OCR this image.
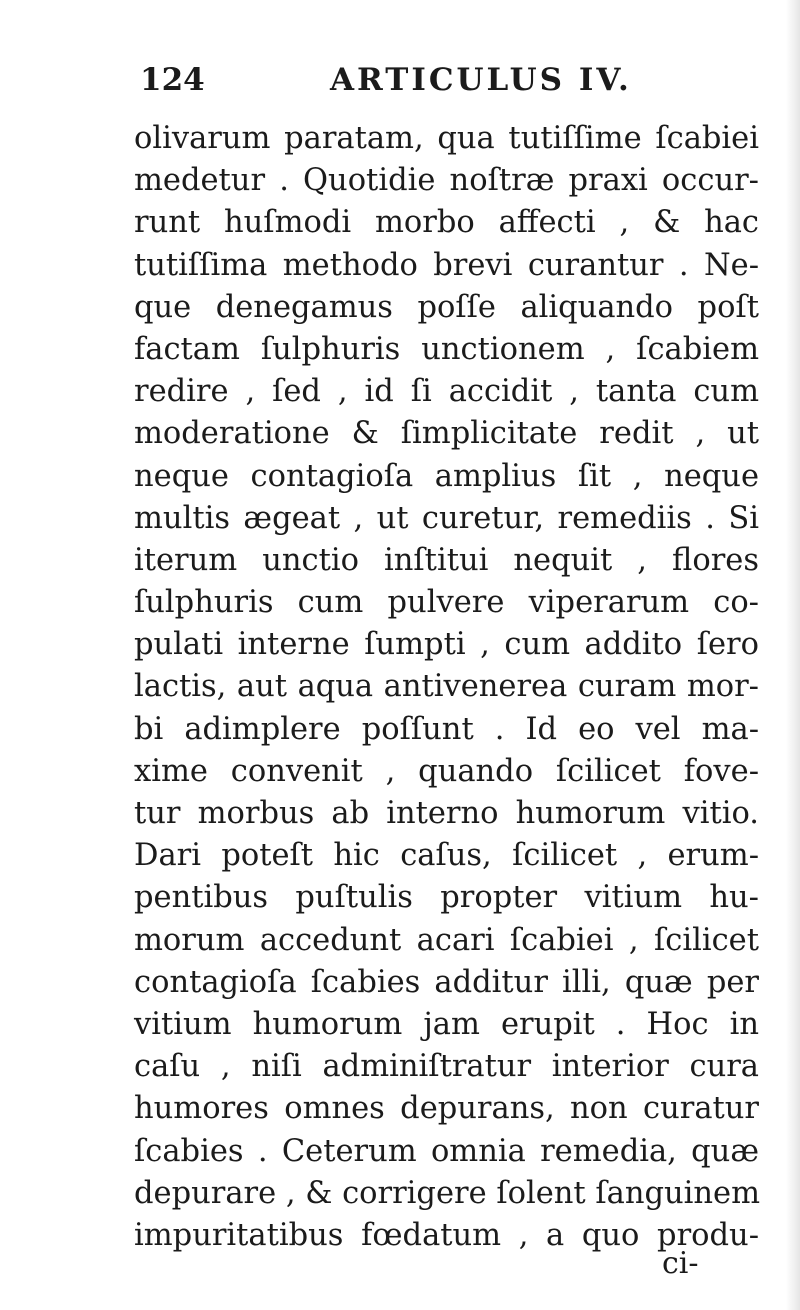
124	ARTICULUS IV.
olivarum paratam, qua tutiſſime ſcabiei
medetur . Quotidie noſtræ praxi occur-
runt huſmodi morbo affecti , & hac
tutiſſima methodo brevi curantur . Ne-
que denegamus poſſe aliquando poſt
factam ſulphuris unctionem , ſcabiem
redire , ſed , id ſi accidit , tanta cum
moderatione & ſimplicitate redit , ut
neque contagioſa amplius ſit , neque
multis ægeat , ut curetur, remediis . Si
iterum unctio inſtitui nequit , flores
ſulphuris cum pulvere viperarum co-
pulati interne ſumpti , cum addito ſero
lactis, aut aqua antivenerea curam mor-
bi adimplere poſſunt . Id eo vel ma-
xime convenit , quando ſcilicet fove-
tur morbus ab interno humorum vitio.
Dari poteſt hic caſus, ſcilicet , erum-
pentibus puſtulis propter vitium hu-
morum accedunt acari ſcabiei , ſcilicet
contagioſa ſcabies additur illi, quæ per
vitium humorum jam erupit . Hoc in
caſu , niſi adminiſtratur interior cura
humores omnes depurans, non curatur
ſcabies . Ceterum omnia remedia, quæ
depurare , & corrigere ſolent ſanguinem
impuritatibus fœdatum , a quo produ-
ci-
